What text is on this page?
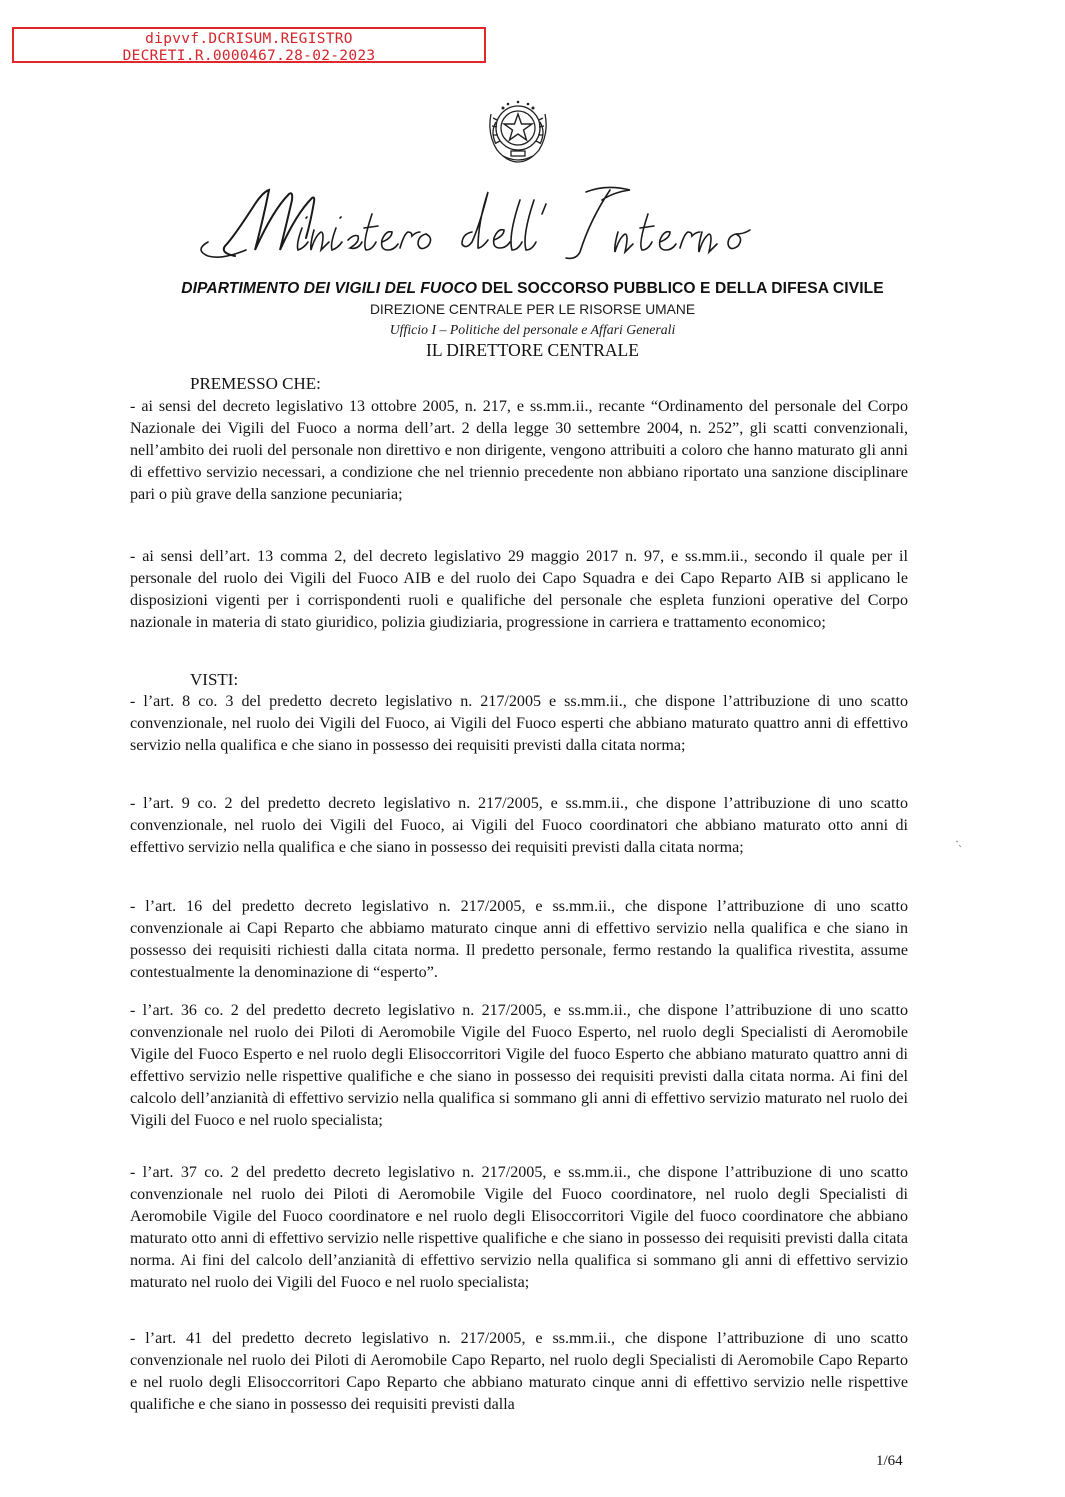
dipvvf.DCRISUM.REGISTRO
DECRETI.R.0000467.28-02-2023
DIPARTIMENTO DEI VIGILI DEL FUOCO DEL SOCCORSO PUBBLICO E DELLA DIFESA CIVILE
DIREZIONE CENTRALE PER LE RISORSE UMANE
Ufficio I – Politiche del personale e Affari Generali
IL DIRETTORE CENTRALE
PREMESSO CHE:
- ai sensi del decreto legislativo 13 ottobre 2005, n. 217, e ss.mm.ii., recante “Ordinamento del personale del Corpo Nazionale dei Vigili del Fuoco a norma dell’art. 2 della legge 30 settembre 2004, n. 252”, gli scatti convenzionali, nell’ambito dei ruoli del personale non direttivo e non dirigente, vengono attribuiti a coloro che hanno maturato gli anni di effettivo servizio necessari, a condizione che nel triennio precedente non abbiano riportato una sanzione disciplinare pari o più grave della sanzione pecuniaria;
- ai sensi dell’art. 13 comma 2, del decreto legislativo 29 maggio 2017 n. 97, e ss.mm.ii., secondo il quale per il personale del ruolo dei Vigili del Fuoco AIB e del ruolo dei Capo Squadra e dei Capo Reparto AIB si applicano le disposizioni vigenti per i corrispondenti ruoli e qualifiche del personale che espleta funzioni operative del Corpo nazionale in materia di stato giuridico, polizia giudiziaria, progressione in carriera e trattamento economico;
VISTI:
- l’art. 8 co. 3 del predetto decreto legislativo n. 217/2005 e ss.mm.ii., che dispone l’attribuzione di uno scatto convenzionale, nel ruolo dei Vigili del Fuoco, ai Vigili del Fuoco esperti che abbiano maturato quattro anni di effettivo servizio nella qualifica e che siano in possesso dei requisiti previsti dalla citata norma;
- l’art. 9 co. 2 del predetto decreto legislativo n. 217/2005, e ss.mm.ii., che dispone l’attribuzione di uno scatto convenzionale, nel ruolo dei Vigili del Fuoco, ai Vigili del Fuoco coordinatori che abbiano maturato otto anni di effettivo servizio nella qualifica e che siano in possesso dei requisiti previsti dalla citata norma;
- l’art. 16 del predetto decreto legislativo n. 217/2005, e ss.mm.ii., che dispone l’attribuzione di uno scatto convenzionale ai Capi Reparto che abbiamo maturato cinque anni di effettivo servizio nella qualifica e che siano in possesso dei requisiti richiesti dalla citata norma. Il predetto personale, fermo restando la qualifica rivestita, assume contestualmente la denominazione di “esperto”.
- l’art. 36 co. 2 del predetto decreto legislativo n. 217/2005, e ss.mm.ii., che dispone l’attribuzione di uno scatto convenzionale nel ruolo dei Piloti di Aeromobile Vigile del Fuoco Esperto, nel ruolo degli Specialisti di Aeromobile Vigile del Fuoco Esperto e nel ruolo degli Elisoccorritori Vigile del fuoco Esperto che abbiano maturato quattro anni di effettivo servizio nelle rispettive qualifiche e che siano in possesso dei requisiti previsti dalla citata norma. Ai fini del calcolo dell’anzianità di effettivo servizio nella qualifica si sommano gli anni di effettivo servizio maturato nel ruolo dei Vigili del Fuoco e nel ruolo specialista;
- l’art. 37 co. 2 del predetto decreto legislativo n. 217/2005, e ss.mm.ii., che dispone l’attribuzione di uno scatto convenzionale nel ruolo dei Piloti di Aeromobile Vigile del Fuoco coordinatore, nel ruolo degli Specialisti di Aeromobile Vigile del Fuoco coordinatore e nel ruolo degli Elisoccorritori Vigile del fuoco coordinatore che abbiano maturato otto anni di effettivo servizio nelle rispettive qualifiche e che siano in possesso dei requisiti previsti dalla citata norma. Ai fini del calcolo dell’anzianità di effettivo servizio nella qualifica si sommano gli anni di effettivo servizio maturato nel ruolo dei Vigili del Fuoco e nel ruolo specialista;
- l’art. 41 del predetto decreto legislativo n. 217/2005, e ss.mm.ii., che dispone l’attribuzione di uno scatto convenzionale nel ruolo dei Piloti di Aeromobile Capo Reparto, nel ruolo degli Specialisti di Aeromobile Capo Reparto e nel ruolo degli Elisoccorritori Capo Reparto che abbiano maturato cinque anni di effettivo servizio nelle rispettive qualifiche e che siano in possesso dei requisiti previsti dalla
1/64
